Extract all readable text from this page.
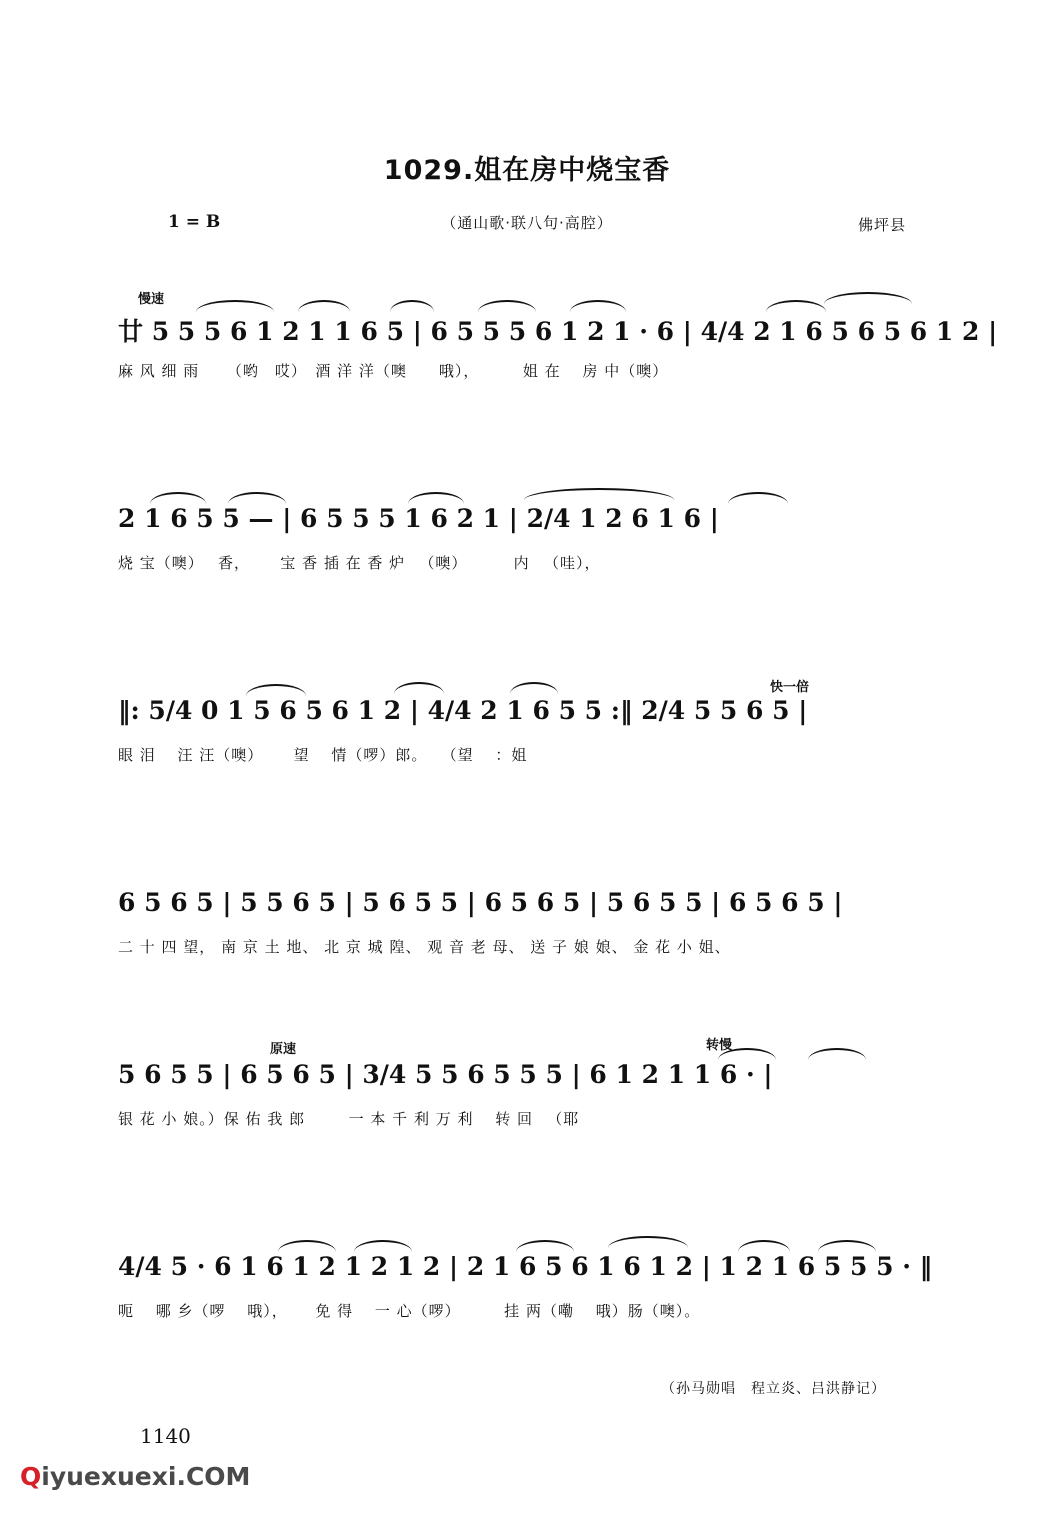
1029.姐在房中烧宝香
1 = B	（通山歌·联八句·高腔）	佛坪县
慢速
廿 5 5 5 6 1 2 1 1 6 5 | 6 5 5 5 6 1 2 1 · 6 | 4/4 2 1 6 5 6 5 6 1 2 |
麻 风 细 雨 　 （哟　哎）　酒 洋 洋（噢　　哦）， 　　 姐 在　 房 中（噢）
2 1 6 5 5 — | 6 5 5 5 1 6 2 1 | 2/4 1 2 6 1 6 |
烧 宝（噢）　 香，　　 宝 香 插 在 香 炉 　（噢）　　　 内 　（哇），
快一倍
‖: 5/4 0 1 5 6 5 6 1 2 | 4/4 2 1 6 5 5 :‖ 2/4 5 5 6 5 |
眼 泪　 汪 汪（噢）　　 望 　情（啰）郎。　 （望 　：姐
6 5 6 5 | 5 5 6 5 | 5 6 5 5 | 6 5 6 5 | 5 6 5 5 | 6 5 6 5 |
二 十 四 望， 南 京 土 地、 北 京 城 隍、 观 音 老 母、 送 子 娘 娘、 金 花 小 姐、
原速	转慢
5 6 5 5 | 6 5 6 5 | 3/4 5 5 6 5 5 5 | 6 1 2 1 1 6 · |
银 花 小 娘。）保 佑 我 郎 　　 一 本 千 利 万 利　 转 回 　（耶
4/4 5 · 6 1 6 1 2 1 2 1 2 | 2 1 6 5 6 1 6 1 2 | 1 2 1 6 5 5 5 · ‖
呃 　哪 乡（啰　 哦）， 　 免 得 　一 心（啰） 　　 挂 两（嘞　 哦）肠（噢）。
（孙马勋唱　程立炎、吕洪静记）
1140
Qiyuexuexi.COM
